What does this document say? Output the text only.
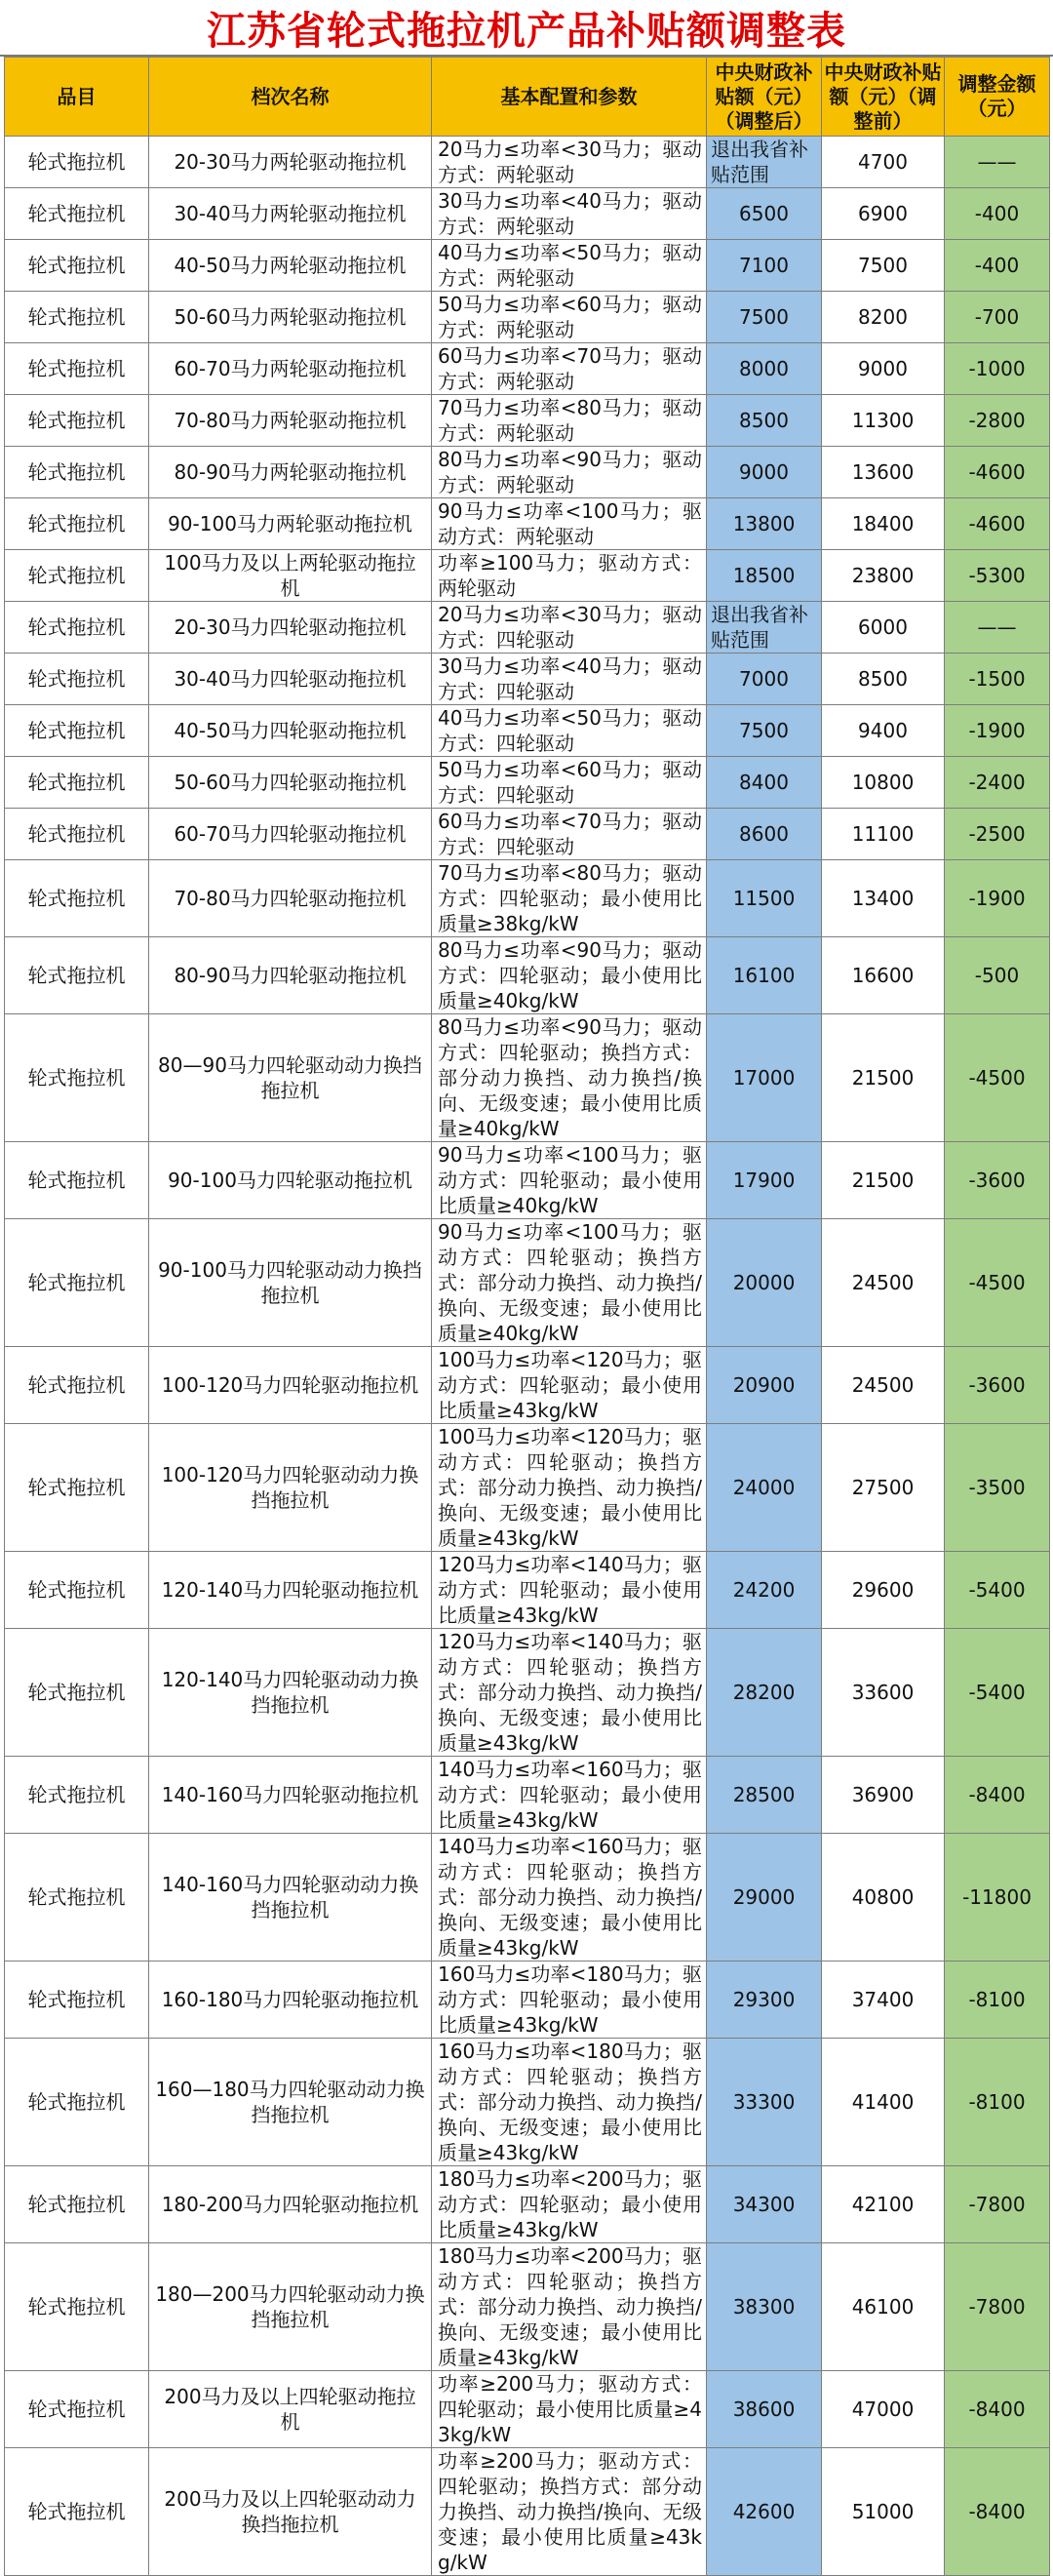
江苏省轮式拖拉机产品补贴额调整表
品目	档次名称	基本配置和参数	中央财政补贴额（元）（调整后）	中央财政补贴额（元）（调整前）	调整金额（元）
轮式拖拉机	20-30马力两轮驱动拖拉机	20马力≤功率<30马力；驱动方式：两轮驱动	退出我省补贴范围	4700	——
轮式拖拉机	30-40马力两轮驱动拖拉机	30马力≤功率<40马力；驱动方式：两轮驱动	6500	6900	-400
轮式拖拉机	40-50马力两轮驱动拖拉机	40马力≤功率<50马力；驱动方式：两轮驱动	7100	7500	-400
轮式拖拉机	50-60马力两轮驱动拖拉机	50马力≤功率<60马力；驱动方式：两轮驱动	7500	8200	-700
轮式拖拉机	60-70马力两轮驱动拖拉机	60马力≤功率<70马力；驱动方式：两轮驱动	8000	9000	-1000
轮式拖拉机	70-80马力两轮驱动拖拉机	70马力≤功率<80马力；驱动方式：两轮驱动	8500	11300	-2800
轮式拖拉机	80-90马力两轮驱动拖拉机	80马力≤功率<90马力；驱动方式：两轮驱动	9000	13600	-4600
轮式拖拉机	90-100马力两轮驱动拖拉机	90马力≤功率<100马力；驱动方式：两轮驱动	13800	18400	-4600
轮式拖拉机	100马力及以上两轮驱动拖拉机	功率≥100马力；驱动方式：两轮驱动	18500	23800	-5300
轮式拖拉机	20-30马力四轮驱动拖拉机	20马力≤功率<30马力；驱动方式：四轮驱动	退出我省补贴范围	6000	——
轮式拖拉机	30-40马力四轮驱动拖拉机	30马力≤功率<40马力；驱动方式：四轮驱动	7000	8500	-1500
轮式拖拉机	40-50马力四轮驱动拖拉机	40马力≤功率<50马力；驱动方式：四轮驱动	7500	9400	-1900
轮式拖拉机	50-60马力四轮驱动拖拉机	50马力≤功率<60马力；驱动方式：四轮驱动	8400	10800	-2400
轮式拖拉机	60-70马力四轮驱动拖拉机	60马力≤功率<70马力；驱动方式：四轮驱动	8600	11100	-2500
轮式拖拉机	70-80马力四轮驱动拖拉机	70马力≤功率<80马力；驱动方式：四轮驱动；最小使用比质量≥38kg/kW	11500	13400	-1900
轮式拖拉机	80-90马力四轮驱动拖拉机	80马力≤功率<90马力；驱动方式：四轮驱动；最小使用比质量≥40kg/kW	16100	16600	-500
轮式拖拉机	80—90马力四轮驱动动力换挡拖拉机	80马力≤功率<90马力；驱动方式：四轮驱动；换挡方式：部分动力换挡、动力换挡/换向、无级变速；最小使用比质量≥40kg/kW	17000	21500	-4500
轮式拖拉机	90-100马力四轮驱动拖拉机	90马力≤功率<100马力；驱动方式：四轮驱动；最小使用比质量≥40kg/kW	17900	21500	-3600
轮式拖拉机	90-100马力四轮驱动动力换挡拖拉机	90马力≤功率<100马力；驱动方式：四轮驱动；换挡方式：部分动力换挡、动力换挡/换向、无级变速；最小使用比质量≥40kg/kW	20000	24500	-4500
轮式拖拉机	100-120马力四轮驱动拖拉机	100马力≤功率<120马力；驱动方式：四轮驱动；最小使用比质量≥43kg/kW	20900	24500	-3600
轮式拖拉机	100-120马力四轮驱动动力换挡拖拉机	100马力≤功率<120马力；驱动方式：四轮驱动；换挡方式：部分动力换挡、动力换挡/换向、无级变速；最小使用比质量≥43kg/kW	24000	27500	-3500
轮式拖拉机	120-140马力四轮驱动拖拉机	120马力≤功率<140马力；驱动方式：四轮驱动；最小使用比质量≥43kg/kW	24200	29600	-5400
轮式拖拉机	120-140马力四轮驱动动力换挡拖拉机	120马力≤功率<140马力；驱动方式：四轮驱动；换挡方式：部分动力换挡、动力换挡/换向、无级变速；最小使用比质量≥43kg/kW	28200	33600	-5400
轮式拖拉机	140-160马力四轮驱动拖拉机	140马力≤功率<160马力；驱动方式：四轮驱动；最小使用比质量≥43kg/kW	28500	36900	-8400
轮式拖拉机	140-160马力四轮驱动动力换挡拖拉机	140马力≤功率<160马力；驱动方式：四轮驱动；换挡方式：部分动力换挡、动力换挡/换向、无级变速；最小使用比质量≥43kg/kW	29000	40800	-11800
轮式拖拉机	160-180马力四轮驱动拖拉机	160马力≤功率<180马力；驱动方式：四轮驱动；最小使用比质量≥43kg/kW	29300	37400	-8100
轮式拖拉机	160—180马力四轮驱动动力换挡拖拉机	160马力≤功率<180马力；驱动方式：四轮驱动；换挡方式：部分动力换挡、动力换挡/换向、无级变速；最小使用比质量≥43kg/kW	33300	41400	-8100
轮式拖拉机	180-200马力四轮驱动拖拉机	180马力≤功率<200马力；驱动方式：四轮驱动；最小使用比质量≥43kg/kW	34300	42100	-7800
轮式拖拉机	180—200马力四轮驱动动力换挡拖拉机	180马力≤功率<200马力；驱动方式：四轮驱动；换挡方式：部分动力换挡、动力换挡/换向、无级变速；最小使用比质量≥43kg/kW	38300	46100	-7800
轮式拖拉机	200马力及以上四轮驱动拖拉机	功率≥200马力；驱动方式：四轮驱动；最小使用比质量≥43kg/kW	38600	47000	-8400
轮式拖拉机	200马力及以上四轮驱动动力换挡拖拉机	功率≥200马力；驱动方式：四轮驱动；换挡方式：部分动力换挡、动力换挡/换向、无级变速；最小使用比质量≥43kg/kW	42600	51000	-8400
